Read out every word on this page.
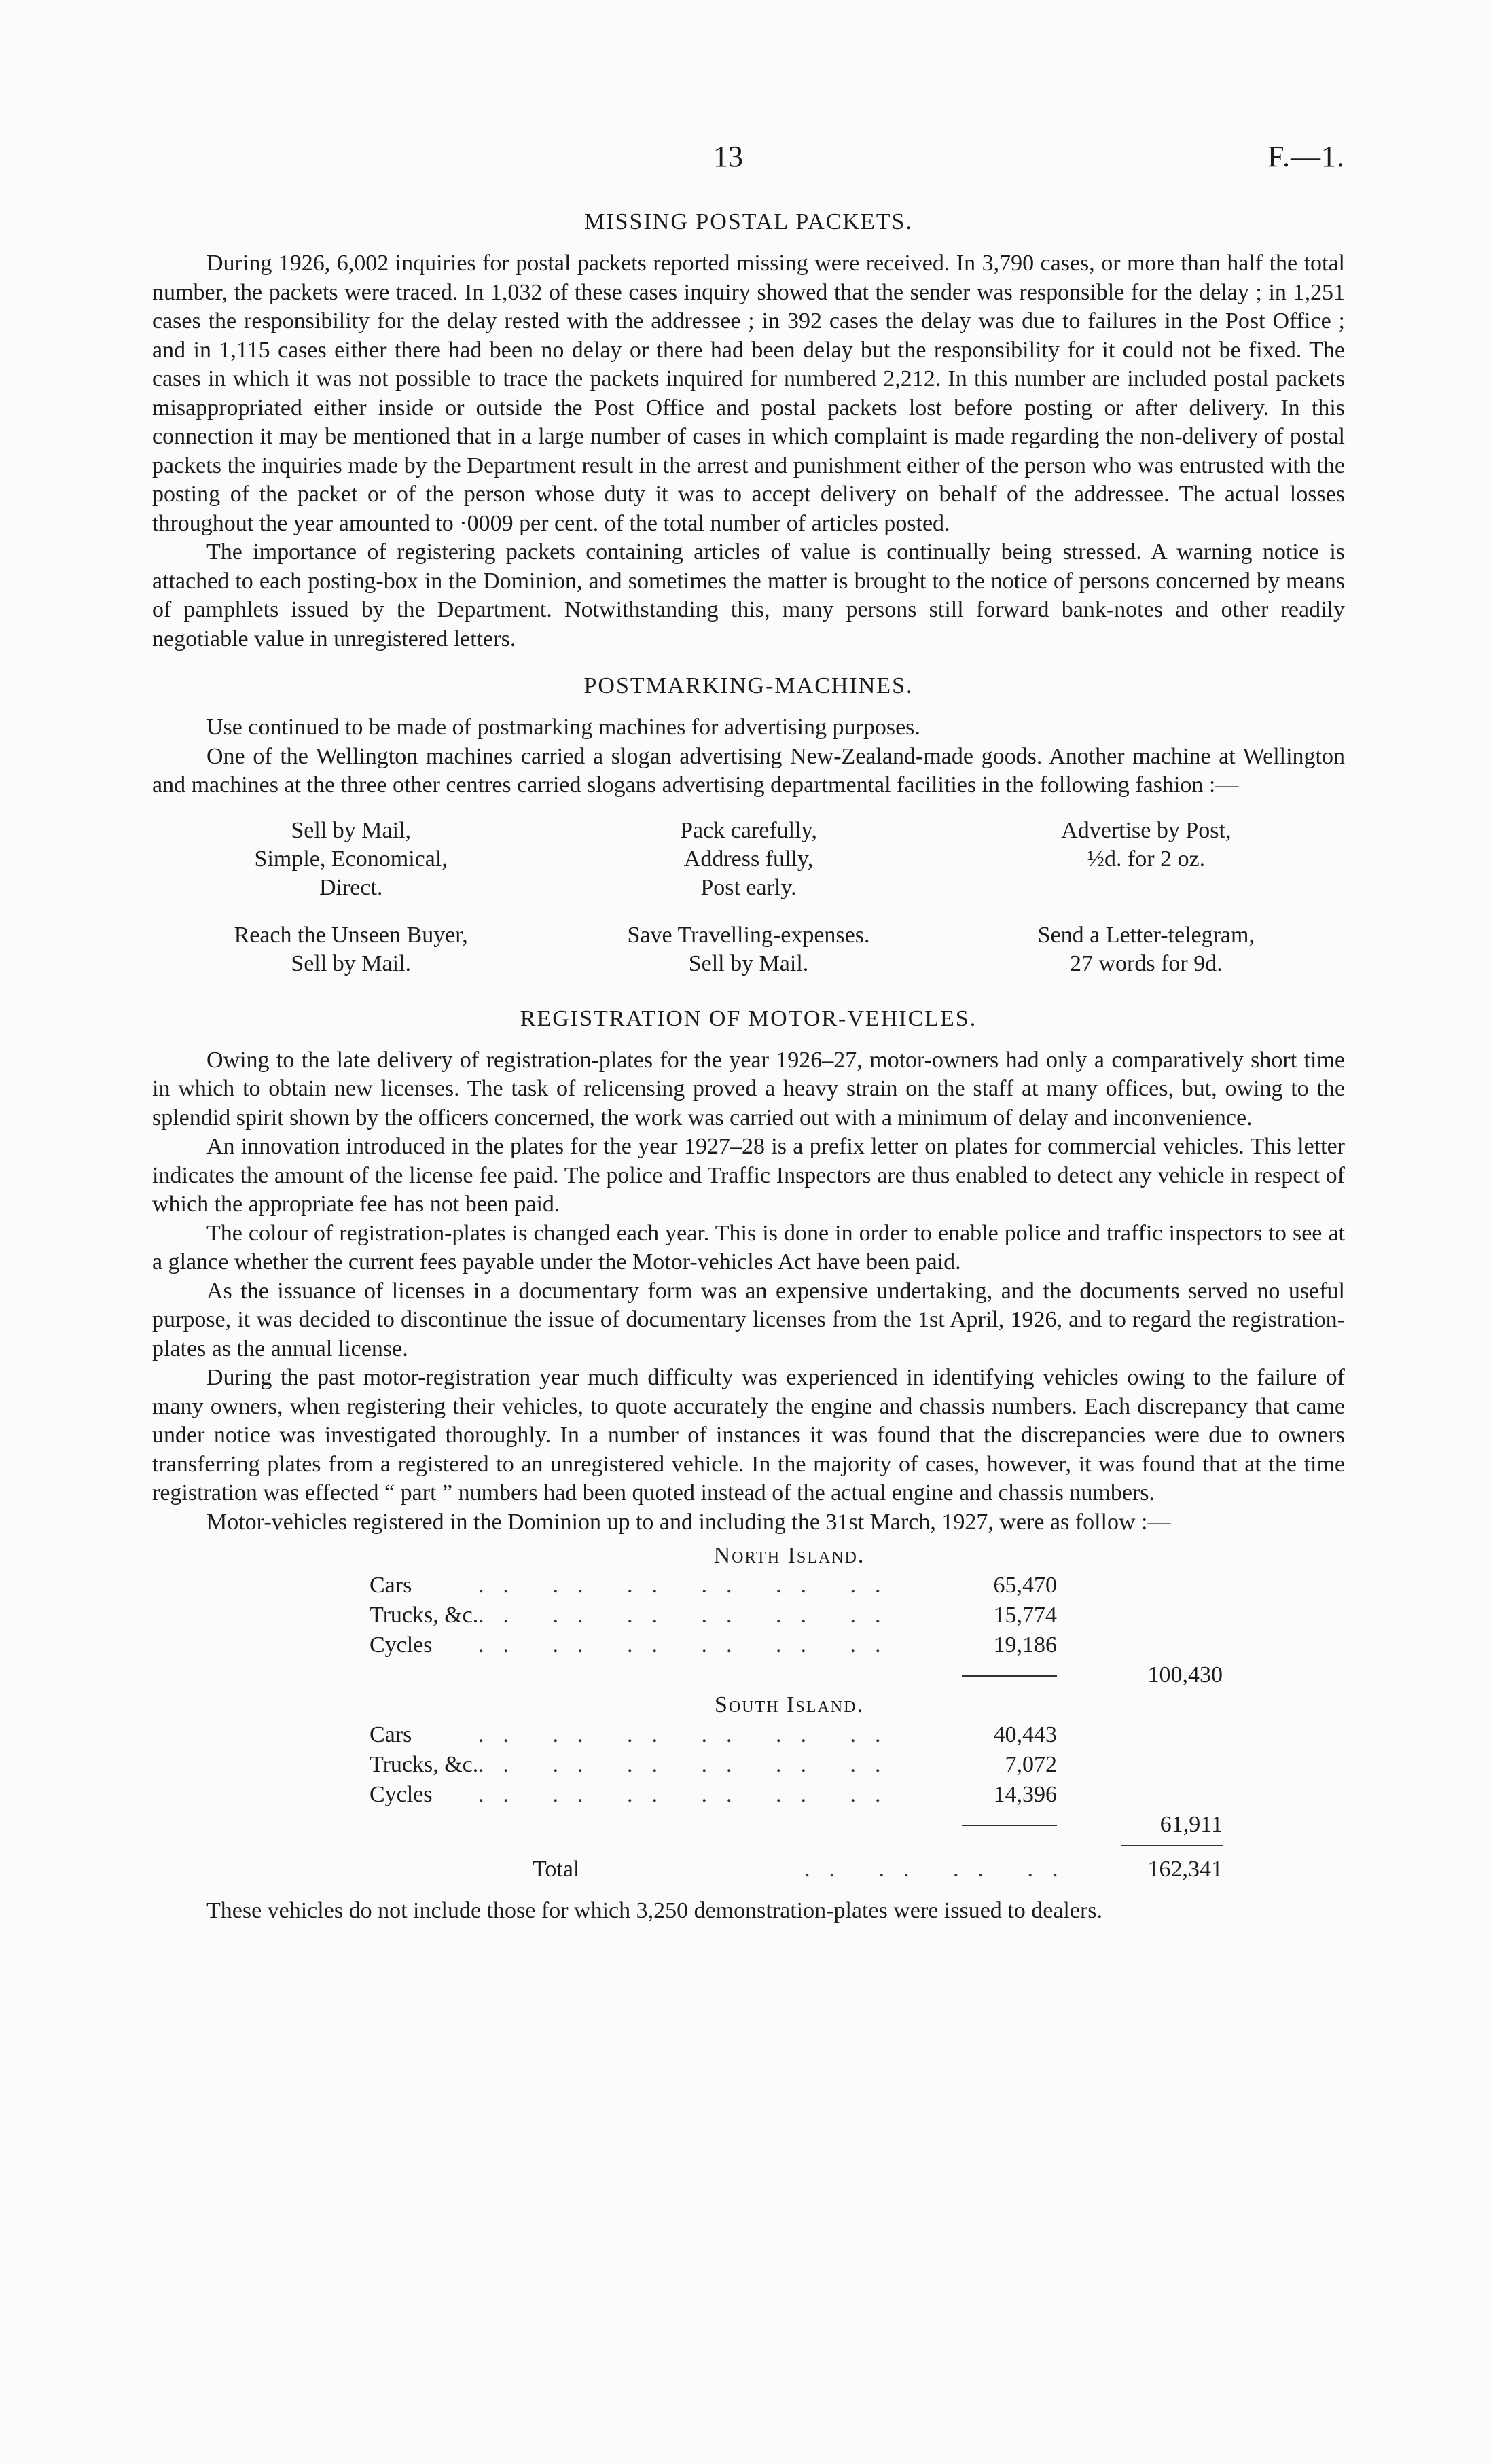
13	F.—1.
MISSING POSTAL PACKETS.

During 1926, 6,002 inquiries for postal packets reported missing were received. In 3,790 cases, or more than half the total number, the packets were traced. In 1,032 of these cases inquiry showed that the sender was responsible for the delay ; in 1,251 cases the responsibility for the delay rested with the addressee ; in 392 cases the delay was due to failures in the Post Office ; and in 1,115 cases either there had been no delay or there had been delay but the responsibility for it could not be fixed. The cases in which it was not possible to trace the packets inquired for numbered 2,212. In this number are included postal packets misappropriated either inside or outside the Post Office and postal packets lost before posting or after delivery. In this connection it may be mentioned that in a large number of cases in which complaint is made regarding the non-delivery of postal packets the inquiries made by the Department result in the arrest and punishment either of the person who was entrusted with the posting of the packet or of the person whose duty it was to accept delivery on behalf of the addressee. The actual losses throughout the year amounted to ·0009 per cent. of the total number of articles posted.

The importance of registering packets containing articles of value is continually being stressed. A warning notice is attached to each posting-box in the Dominion, and sometimes the matter is brought to the notice of persons concerned by means of pamphlets issued by the Department. Notwithstanding this, many persons still forward bank-notes and other readily negotiable value in unregistered letters.

POSTMARKING-MACHINES.

Use continued to be made of postmarking machines for advertising purposes.

One of the Wellington machines carried a slogan advertising New-Zealand-made goods. Another machine at Wellington and machines at the three other centres carried slogans advertising departmental facilities in the following fashion :—

Sell by Mail,
Simple, Economical,
Direct.
Pack carefully,
Address fully,
Post early.
Advertise by Post,
½d. for 2 oz.
Reach the Unseen Buyer,
Sell by Mail.
Save Travelling-expenses.
Sell by Mail.
Send a Letter-telegram,
27 words for 9d.
REGISTRATION OF MOTOR-VEHICLES.

Owing to the late delivery of registration-plates for the year 1926–27, motor-owners had only a comparatively short time in which to obtain new licenses. The task of relicensing proved a heavy strain on the staff at many offices, but, owing to the splendid spirit shown by the officers concerned, the work was carried out with a minimum of delay and inconvenience.

An innovation introduced in the plates for the year 1927–28 is a prefix letter on plates for commercial vehicles. This letter indicates the amount of the license fee paid. The police and Traffic Inspectors are thus enabled to detect any vehicle in respect of which the appropriate fee has not been paid.

The colour of registration-plates is changed each year. This is done in order to enable police and traffic inspectors to see at a glance whether the current fees payable under the Motor-vehicles Act have been paid.

As the issuance of licenses in a documentary form was an expensive undertaking, and the documents served no useful purpose, it was decided to discontinue the issue of documentary licenses from the 1st April, 1926, and to regard the registration-plates as the annual license.

During the past motor-registration year much difficulty was experienced in identifying vehicles owing to the failure of many owners, when registering their vehicles, to quote accurately the engine and chassis numbers. Each discrepancy that came under notice was investigated thoroughly. In a number of instances it was found that the discrepancies were due to owners transferring plates from a registered to an unregistered vehicle. In the majority of cases, however, it was found that at the time registration was effected “ part ” numbers had been quoted instead of the actual engine and chassis numbers.

Motor-vehicles registered in the Dominion up to and including the 31st March, 1927, were as follow :—

North Island.
Cars	.. .. .. .. .. ..	65,470
Trucks, &c. .. .. .. .. .. ..	15,774
Cycles .. .. .. .. .. ..	19,186
100,430
South Island.
Cars	.. .. .. .. .. ..	40,443
Trucks, &c. .. .. .. .. .. ..	7,072
Cycles .. .. .. .. .. ..	14,396
61,911
Total	.. .. .. ..	162,341

These vehicles do not include those for which 3,250 demonstration-plates were issued to dealers.
